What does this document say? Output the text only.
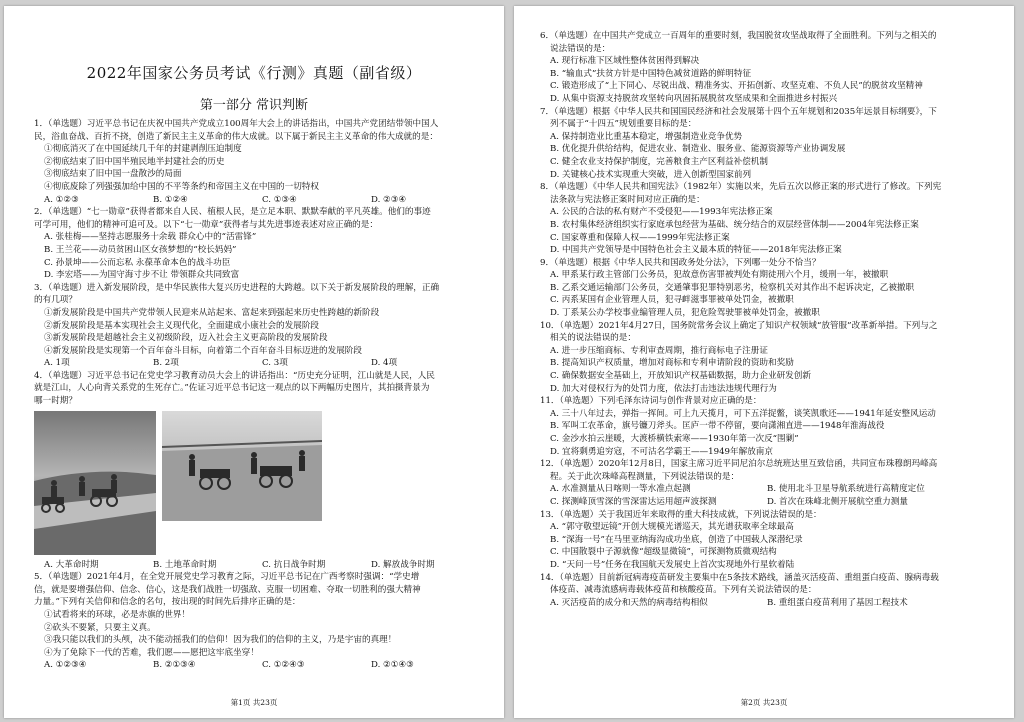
2022年国家公务员考试《行测》真题（副省级）

第一部分 常识判断

1．（单选题）习近平总书记在庆祝中国共产党成立100周年大会上的讲话指出，中国共产党团结带领中国人

民，浴血奋战、百折不挠，创造了新民主主义革命的伟大成就。以下属于新民主主义革命的伟大成就的是：

①彻底消灭了在中国延续几千年的封建剥削压迫制度

②彻底结束了旧中国半殖民地半封建社会的历史

③彻底结束了旧中国一盘散沙的局面

④彻底废除了列强强加给中国的不平等条约和帝国主义在中国的一切特权

A. ①②③	B. ①②④	C. ①③④	D. ②③④

2．（单选题）“七一勋章”获得者都来自人民、植根人民，是立足本职、默默奉献的平凡英雄。他们的事迹

可学可用，他们的精神可追可及。以下“七一勋章”获得者与其先进事迹表述对应正确的是：

A. 张桂梅——坚持志愿服务十余载 群众心中的“活雷锋”

B. 王兰花——动员贫困山区女孩梦想的“校长妈妈”

C. 孙景坤——公而忘私 永葆革命本色的战斗功臣

D. 李宏塔——为国守海寸步不让 带领群众共同致富

3．（单选题）进入新发展阶段，是中华民族伟大复兴历史进程的大跨越。以下关于新发展阶段的理解，正确

的有几项？

①新发展阶段是中国共产党带领人民迎来从站起来、富起来到强起来历史性跨越的新阶段

②新发展阶段是基本实现社会主义现代化，全面建成小康社会的发展阶段

③新发展阶段是超越社会主义初级阶段，迈入社会主义更高阶段的发展阶段

④新发展阶段是实现第一个百年奋斗目标，向着第二个百年奋斗目标迈进的发展阶段

A. 1项	B. 2项	C. 3项	D. 4项

4．（单选题）习近平总书记在党史学习教育动员大会上的讲话指出：“历史充分证明，江山就是人民，人民

就是江山，人心向背关系党的生死存亡。”佐证习近平总书记这一观点的以下两幅历史图片，其拍摄背景为

哪一时期？

A. 大革命时期	B. 土地革命时期	C. 抗日战争时期	D. 解放战争时期

5．（单选题）2021年4月，在全党开展党史学习教育之际，习近平总书记在广西考察时强调：“学史增

信，就是要增强信仰、信念、信心，这是我们战胜一切强敌、克服一切困难、夺取一切胜利的强大精神

力量。”下列有关信仰和信念的名句，按出现的时间先后排序正确的是：

①试看将来的环球，必是赤旗的世界！

②砍头不要紧，只要主义真。

③我只能以我们的头颅，决不能动摇我们的信仰！因为我们的信仰的主义，乃是宇宙的真理！

④为了免除下一代的苦难，我们愿——愿把这牢底坐穿！

A. ①②③④	B. ②①③④	C. ①②④③	D. ②①④③
第1页 共23页

6．（单选题）在中国共产党成立一百周年的重要时刻，我国脱贫攻坚战取得了全面胜利。下列与之相关的

说法错误的是：

A. 现行标准下区域性整体贫困得到解决

B. “输血式”扶贫方针是中国特色减贫道路的鲜明特征

C. 锻造形成了“上下同心、尽锐出战、精准务实、开拓创新、攻坚克难、不负人民”的脱贫攻坚精神

D. 从集中资源支持脱贫攻坚转向巩固拓展脱贫攻坚成果和全面推进乡村振兴

7．（单选题）根据《中华人民共和国国民经济和社会发展第十四个五年规划和2035年远景目标纲要》，下

列不属于“十四五”规划重要目标的是：

A. 保持制造业比重基本稳定，增强制造业竞争优势

B. 优化提升供给结构，促进农业、制造业、服务业、能源资源等产业协调发展

C. 健全农业支持保护制度，完善粮食主产区利益补偿机制

D. 关键核心技术实现重大突破，进入创新型国家前列

8．（单选题）《中华人民共和国宪法》（1982年）实施以来，先后五次以修正案的形式进行了修改。下列宪

法条款与宪法修正案时间对应正确的是：

A. 公民的合法的私有财产不受侵犯——1993年宪法修正案

B. 农村集体经济组织实行家庭承包经营为基础、统分结合的双层经营体制——2004年宪法修正案

C. 国家尊重和保障人权——1999年宪法修正案

D. 中国共产党领导是中国特色社会主义最本质的特征——2018年宪法修正案

9．（单选题）根据《中华人民共和国政务处分法》，下列哪一处分不恰当？

A. 甲系某行政主管部门公务员，犯故意伤害罪被判处有期徒刑六个月，缓刑一年，被撤职

B. 乙系交通运输部门公务员，交通肇事犯罪特别恶劣，检察机关对其作出不起诉决定，乙被撤职

C. 丙系某国有企业管理人员，犯寻衅滋事罪被单处罚金，被撤职

D. 丁系某公办学校事业编管理人员，犯危险驾驶罪被单处罚金，被撤职

10．（单选题）2021年4月27日，国务院常务会议上确定了知识产权领域“放管服”改革新举措。下列与之

相关的说法错误的是：

A. 进一步压缩商标、专利审查周期，推行商标电子注册证

B. 提高知识产权质量，增加对商标和专利申请阶段的资助和奖励

C. 确保数据安全基础上，开放知识产权基础数据，助力企业研发创新

D. 加大对侵权行为的处罚力度，依法打击违法违规代理行为

11．（单选题）下列毛泽东诗词与创作背景对应正确的是：

A. 三十八年过去，弹指一挥间。可上九天揽月，可下五洋捉鳖，谈笑凯歌还——1941年延安整风运动

B. 军叫工农革命，旗号镰刀斧头。匡庐一带不停留，要向潇湘直进——1948年淮海战役

C. 金沙水拍云崖暖，大渡桥横铁索寒——1930年第一次反“围剿”

D. 宜将剩勇追穷寇，不可沽名学霸王——1949年解放南京

12．（单选题）2020年12月8日，国家主席习近平同尼泊尔总统班达里互致信函，共同宣布珠穆朗玛峰高

程。关于此次珠峰高程测量，下列说法错误的是：

A. 水准测量从日喀则一等水准点起测	B. 使用北斗卫星导航系统进行高精度定位
C. 探测峰顶雪深的雪深雷达运用超声波探测	D. 首次在珠峰北侧开展航空重力测量

13．（单选题）关于我国近年来取得的重大科技成就，下列说法错误的是：

A. “郭守敬望远镜”开创大规模光谱巡天，其光谱获取率全球最高

B. “深海一号”在马里亚纳海沟成功坐底，创造了中国载人深潜纪录

C. 中国散裂中子源就像“超级显微镜”，可探测物质微观结构

D. “天问一号”任务在我国航天发展史上首次实现地外行星软着陆

14．（单选题）目前新冠病毒疫苗研发主要集中在5条技术路线，涵盖灭活疫苗、重组蛋白疫苗、腺病毒载

体疫苗、减毒流感病毒载体疫苗和核酸疫苗。下列有关说法错误的是：

A. 灭活疫苗的成分和天然的病毒结构相似	B. 重组蛋白疫苗利用了基因工程技术
第2页 共23页
